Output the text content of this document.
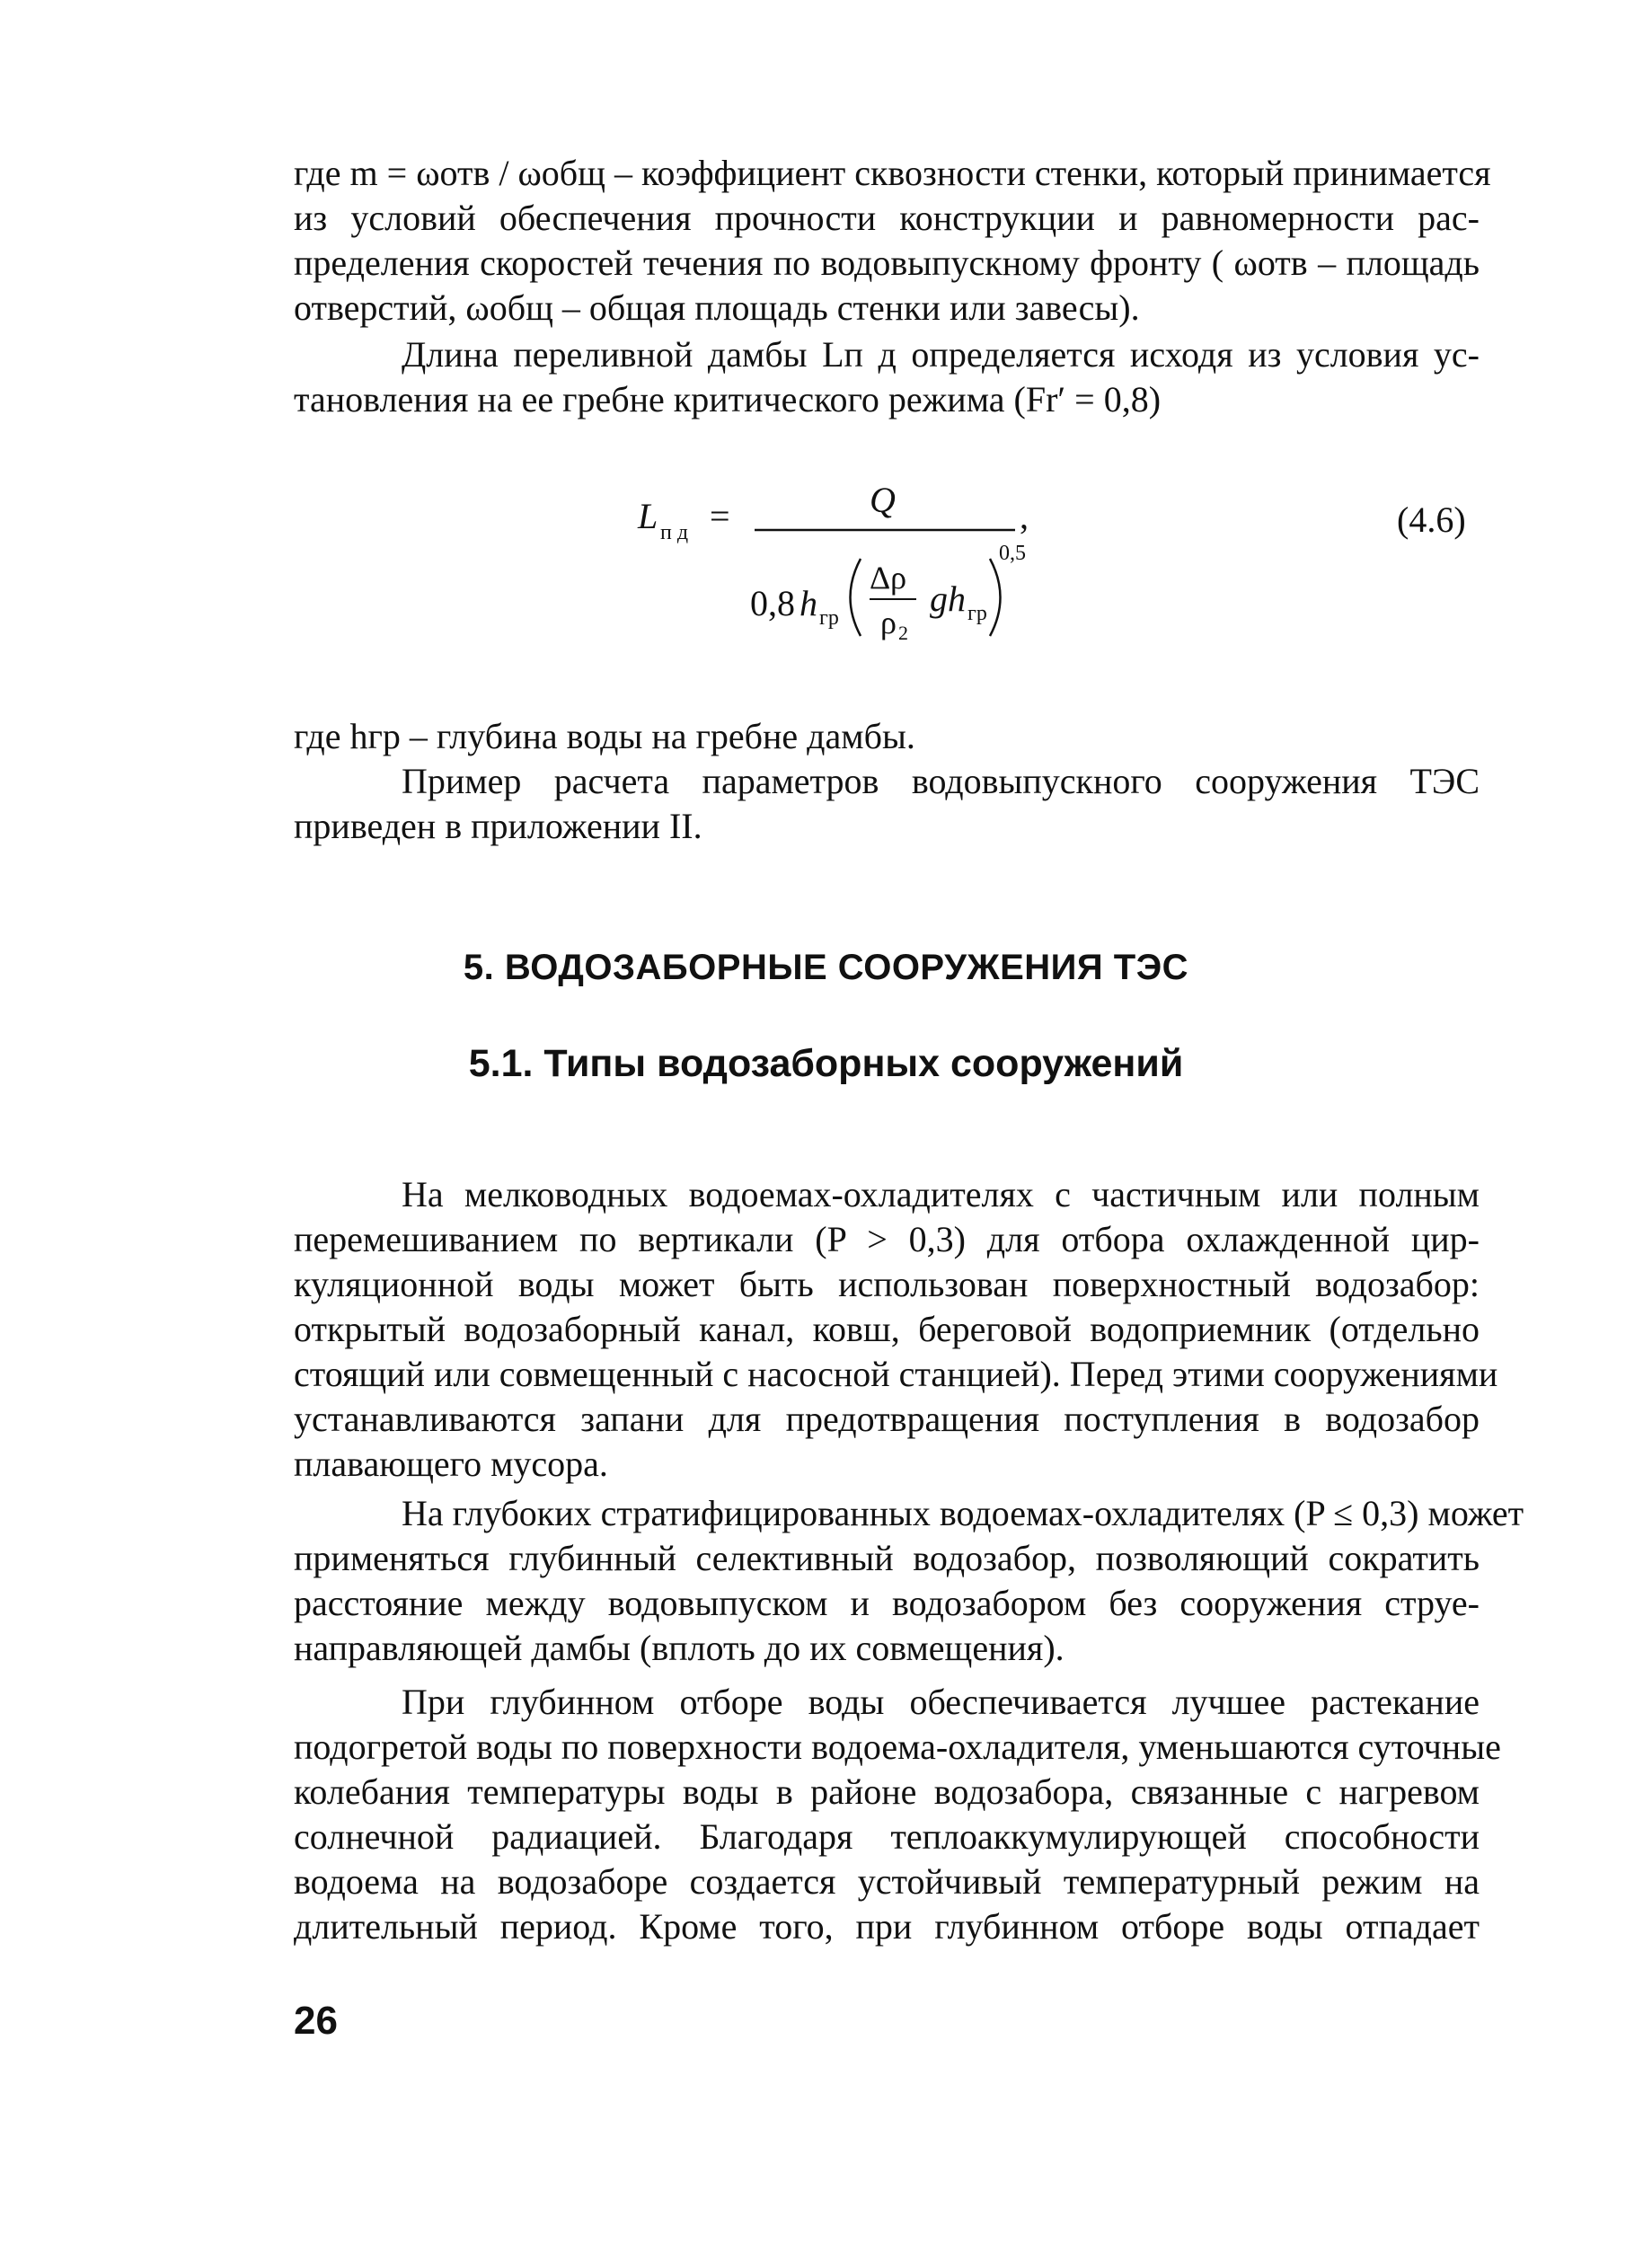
где m = ωотв / ωобщ – коэффициент сквозности стенки, который принимается
из условий обеспечения прочности конструкции и равномерности рас-
пределения скоростей течения по водовыпускному фронту ( ωотв – площадь
отверстий, ωобщ – общая площадь стенки или завесы).
Длина переливной дамбы Lп д определяется исходя из условия ус-
тановления на ее гребне критического режима (Fr′ = 0,8)
L п д =	Q	,
0,8 h гр
Δρ
ρ 2
gh гр
0,5
(4.6)
где hгр – глубина воды на гребне дамбы.
Пример расчета параметров водовыпускного сооружения ТЭС
приведен в приложении II.
5. ВОДОЗАБОРНЫЕ СООРУЖЕНИЯ ТЭС
5.1. Типы водозаборных сооружений
На мелководных водоемах-охладителях с частичным или полным
перемешиванием по вертикали (P > 0,3) для отбора охлажденной цир-
куляционной воды может быть использован поверхностный водозабор:
открытый водозаборный канал, ковш, береговой водоприемник (отдельно
стоящий или совмещенный с насосной станцией). Перед этими сооружениями
устанавливаются запани для предотвращения поступления в водозабор
плавающего мусора.
На глубоких стратифицированных водоемах-охладителях (P ≤ 0,3) может
применяться глубинный селективный водозабор, позволяющий сократить
расстояние между водовыпуском и водозабором без сооружения струе-
направляющей дамбы (вплоть до их совмещения).
При глубинном отборе воды обеспечивается лучшее растекание
подогретой воды по поверхности водоема-охладителя, уменьшаются суточные
колебания температуры воды в районе водозабора, связанные с нагревом
солнечной радиацией. Благодаря теплоаккумулирующей способности
водоема на водозаборе создается устойчивый температурный режим на
длительный период. Кроме того, при глубинном отборе воды отпадает
26
